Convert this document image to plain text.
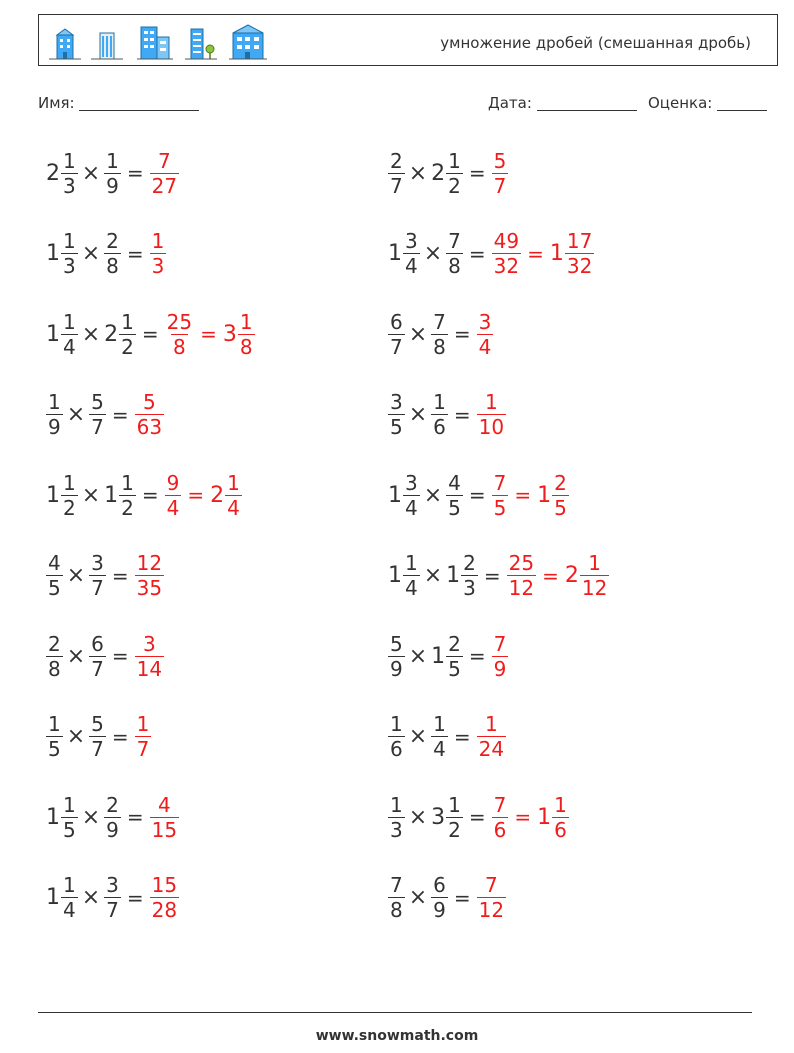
умножение дробей (смешанная дробь)
Имя:	Дата:	Оценка:
$2 \frac{1}{3} \times \frac{1}{9} = \frac{7}{27}$	$\frac{2}{7} \times 2 \frac{1}{2} = \frac{5}{7}$
$1 \frac{1}{3} \times \frac{2}{8} = \frac{1}{3}$	$1 \frac{3}{4} \times \frac{7}{8} = \frac{49}{32} = 1 \frac{17}{32}$
$1 \frac{1}{4} \times 2 \frac{1}{2} = \frac{25}{8} = 3 \frac{1}{8}$	$\frac{6}{7} \times \frac{7}{8} = \frac{3}{4}$
$\frac{1}{9} \times \frac{5}{7} = \frac{5}{63}$	$\frac{3}{5} \times \frac{1}{6} = \frac{1}{10}$
$1 \frac{1}{2} \times 1 \frac{1}{2} = \frac{9}{4} = 2 \frac{1}{4}$	$1 \frac{3}{4} \times \frac{4}{5} = \frac{7}{5} = 1 \frac{2}{5}$
$\frac{4}{5} \times \frac{3}{7} = \frac{12}{35}$	$1 \frac{1}{4} \times 1 \frac{2}{3} = \frac{25}{12} = 2 \frac{1}{12}$
$\frac{2}{8} \times \frac{6}{7} = \frac{3}{14}$	$\frac{5}{9} \times 1 \frac{2}{5} = \frac{7}{9}$
$\frac{1}{5} \times \frac{5}{7} = \frac{1}{7}$	$\frac{1}{6} \times \frac{1}{4} = \frac{1}{24}$
$1 \frac{1}{5} \times \frac{2}{9} = \frac{4}{15}$	$\frac{1}{3} \times 3 \frac{1}{2} = \frac{7}{6} = 1 \frac{1}{6}$
$1 \frac{1}{4} \times \frac{3}{7} = \frac{15}{28}$	$\frac{7}{8} \times \frac{6}{9} = \frac{7}{12}$
www.snowmath.com
